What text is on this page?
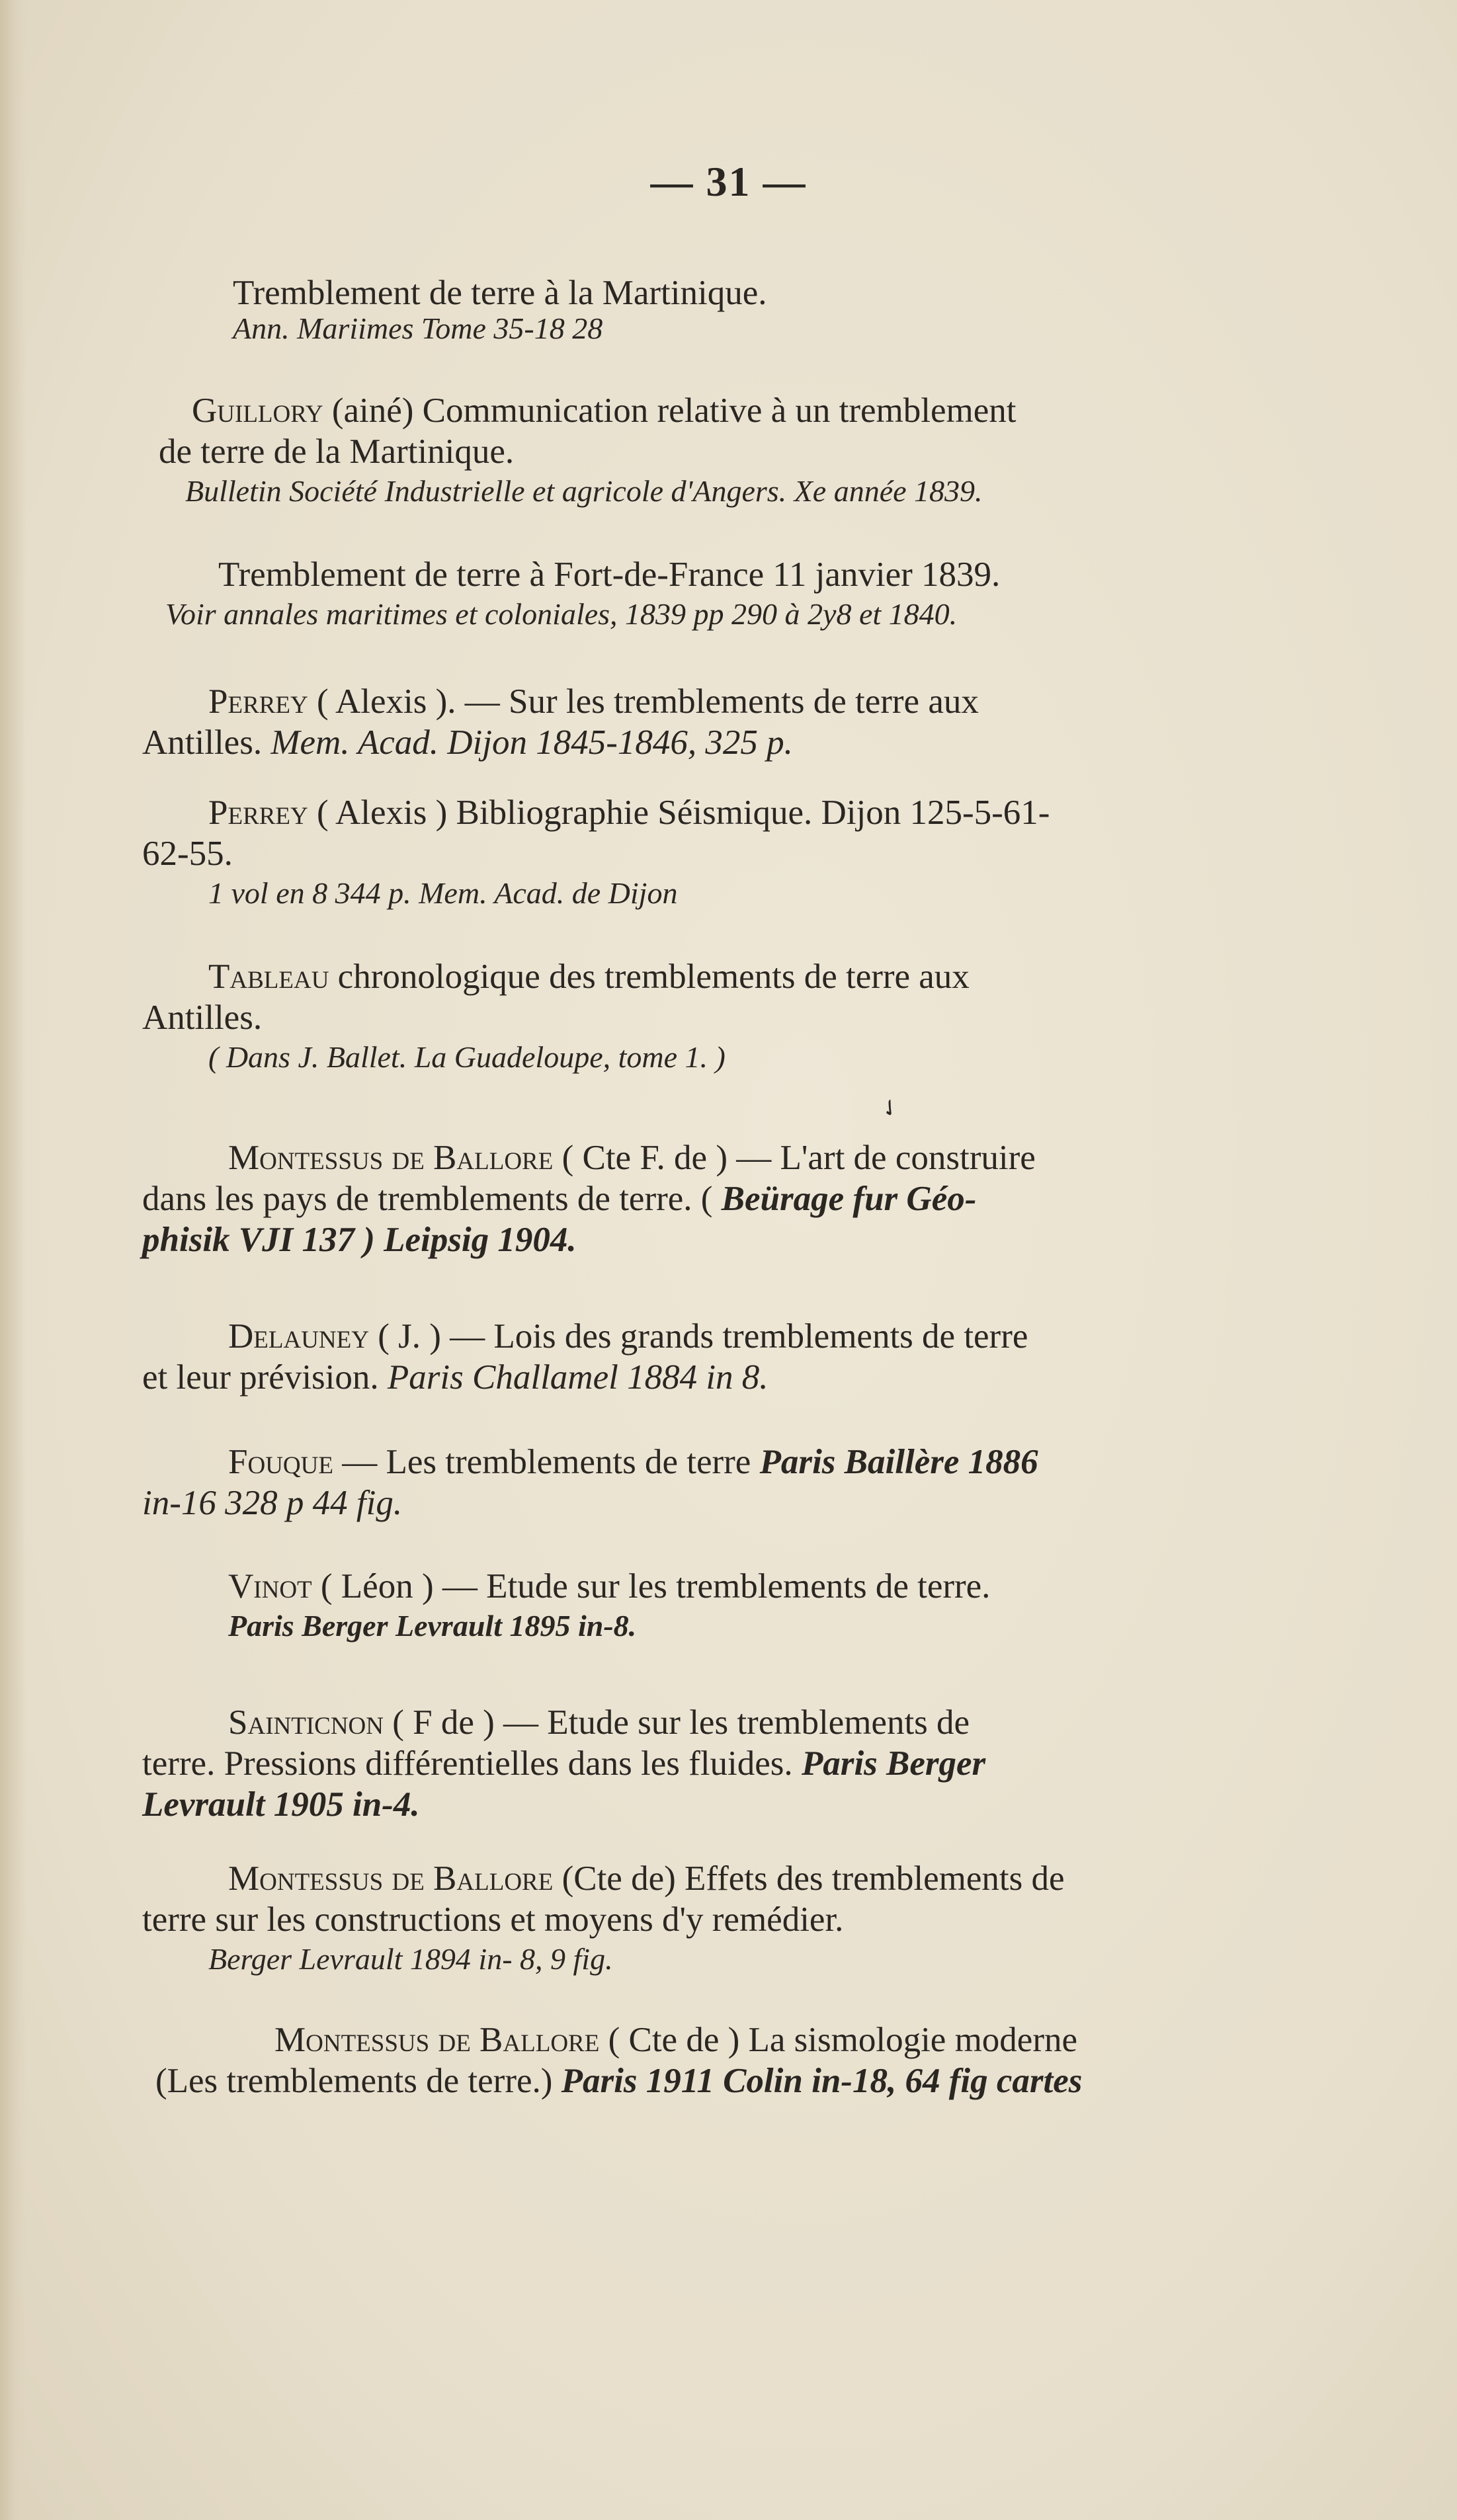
— 31 —
Tremblement de terre à la Martinique.
Ann. Mariimes Tome 35-18 28
Guillory (ainé) Communication relative à un tremblement
de terre de la Martinique.
Bulletin Société Industrielle et agricole d'Angers. Xe année 1839.
Tremblement de terre à Fort-de-France 11 janvier 1839.
Voir annales maritimes et coloniales, 1839 pp 290 à 2y8 et 1840.
Perrey ( Alexis ). — Sur les tremblements de terre aux
Antilles. Mem. Acad. Dijon 1845-1846, 325 p.
Perrey ( Alexis ) Bibliographie Séismique. Dijon 125-5-61-
62-55.
1 vol en 8 344 p. Mem. Acad. de Dijon
Tableau chronologique des tremblements de terre aux
Antilles.
( Dans J. Ballet. La Guadeloupe, tome 1. )
✓
Montessus de Ballore ( Cte F. de ) — L'art de construire
dans les pays de tremblements de terre. ( Beürage fur Géo-
phisik VJI 137 ) Leipsig 1904.
Delauney ( J. ) — Lois des grands tremblements de terre
et leur prévision. Paris Challamel 1884 in 8.
Fouque — Les tremblements de terre Paris Baillère 1886
in-16 328 p 44 fig.
Vinot ( Léon ) — Etude sur les tremblements de terre.
Paris Berger Levrault 1895 in-8.
Sainticnon ( F de ) — Etude sur les tremblements de
terre. Pressions différentielles dans les fluides. Paris Berger
Levrault 1905 in-4.
Montessus de Ballore (Cte de) Effets des tremblements de
terre sur les constructions et moyens d'y remédier.
Berger Levrault 1894 in- 8, 9 fig.
Montessus de Ballore ( Cte de ) La sismologie moderne
(Les tremblements de terre.) Paris 1911 Colin in-18, 64 fig cartes
